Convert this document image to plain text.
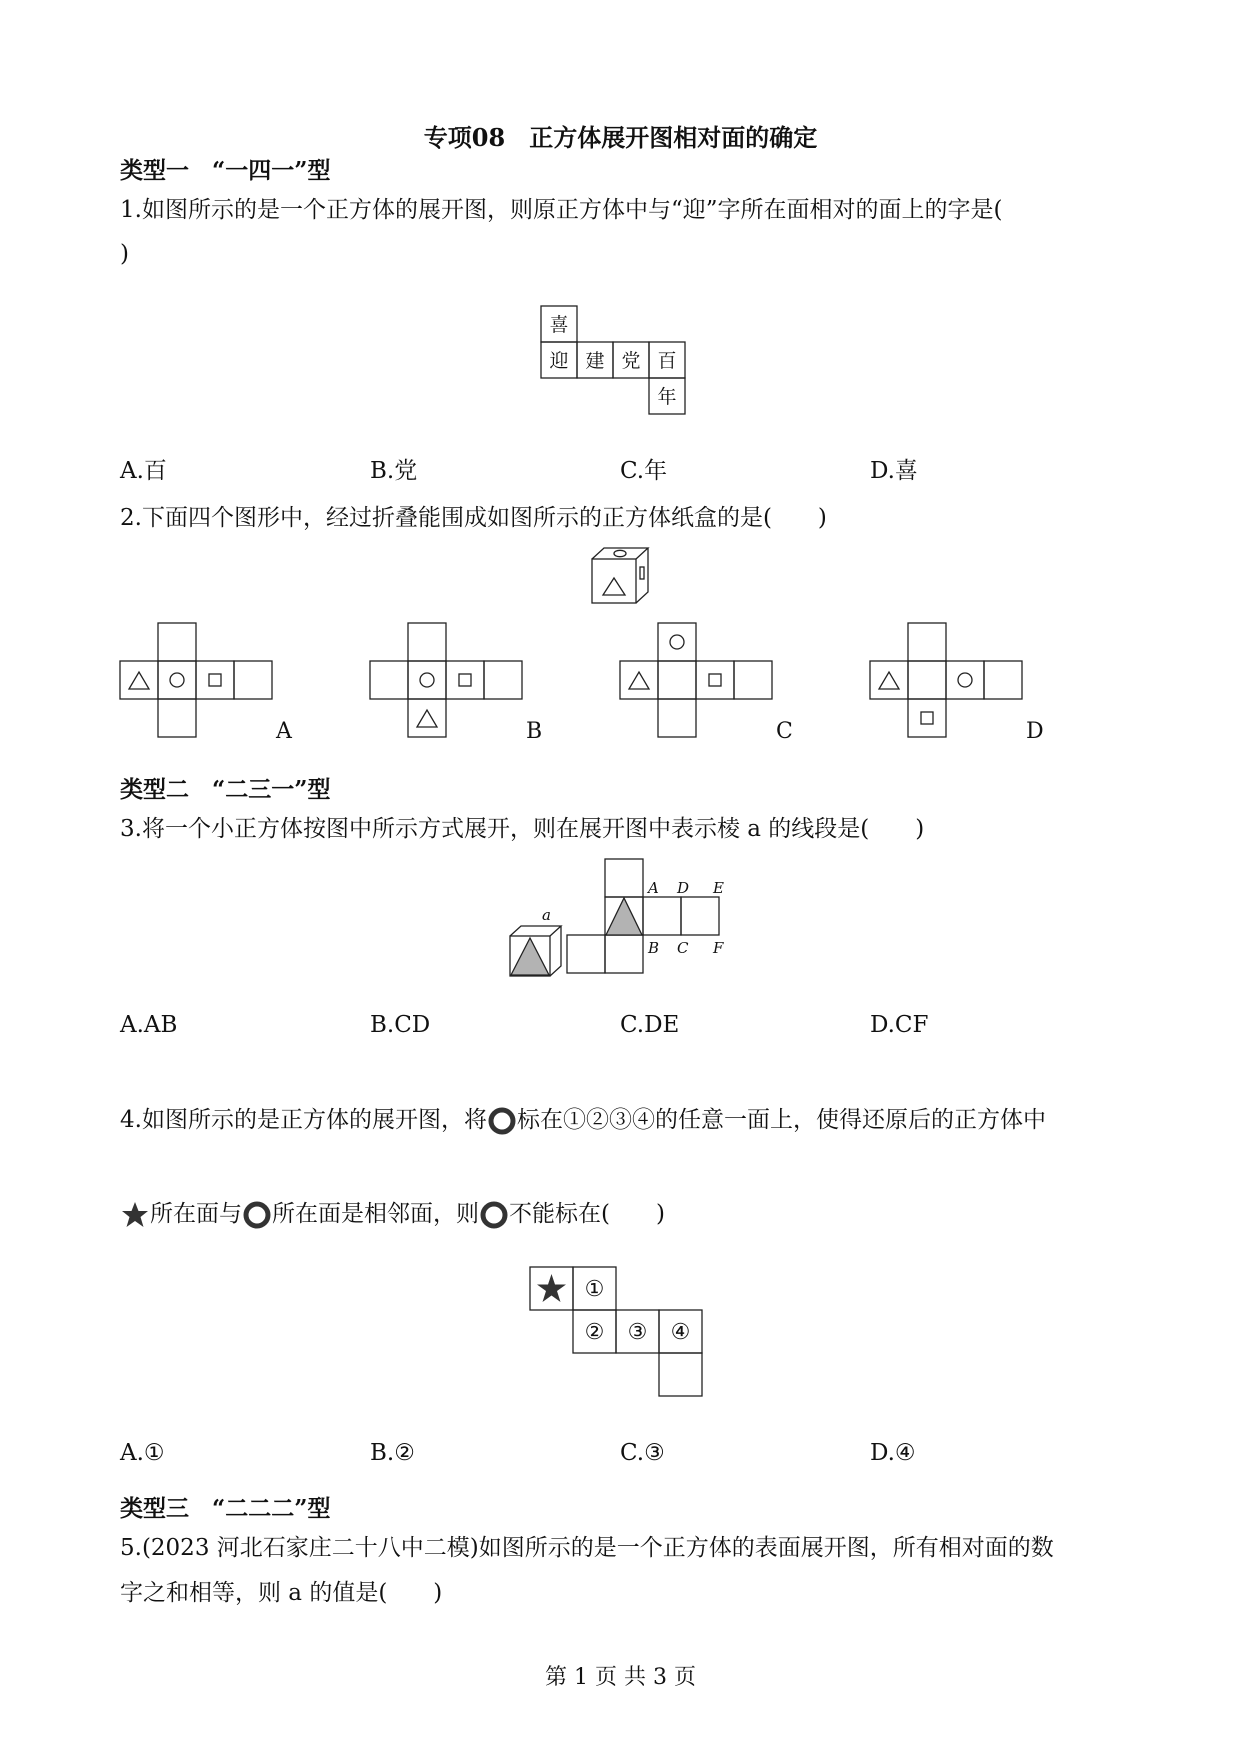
专项08　正方体展开图相对面的确定
类型一　“一四一”型
1.如图所示的是一个正方体的展开图，则原正方体中与“迎”字所在面相对的面上的字是(
)
喜
迎 建 党 百
年
A.百	B.党	C.年	D.喜
2.下面四个图形中，经过折叠能围成如图所示的正方体纸盒的是(　　)
A	B	C	D
类型二　“二三一”型
3.将一个小正方体按图中所示方式展开，则在展开图中表示棱 a 的线段是(　　)
a
A D E
B C F
A.AB	B.CD	C.DE	D.CF
4.如图所示的是正方体的展开图，将 标在①②③④的任意一面上，使得还原后的正方体中
所在面与 所在面是相邻面，则 不能标在(　　)
①
② ③ ④
A.①	B.②	C.③	D.④
类型三　“二二二”型
5.(2023 河北石家庄二十八中二模)如图所示的是一个正方体的表面展开图，所有相对面的数
字之和相等，则 a 的值是(　　)
第 1 页 共 3 页
